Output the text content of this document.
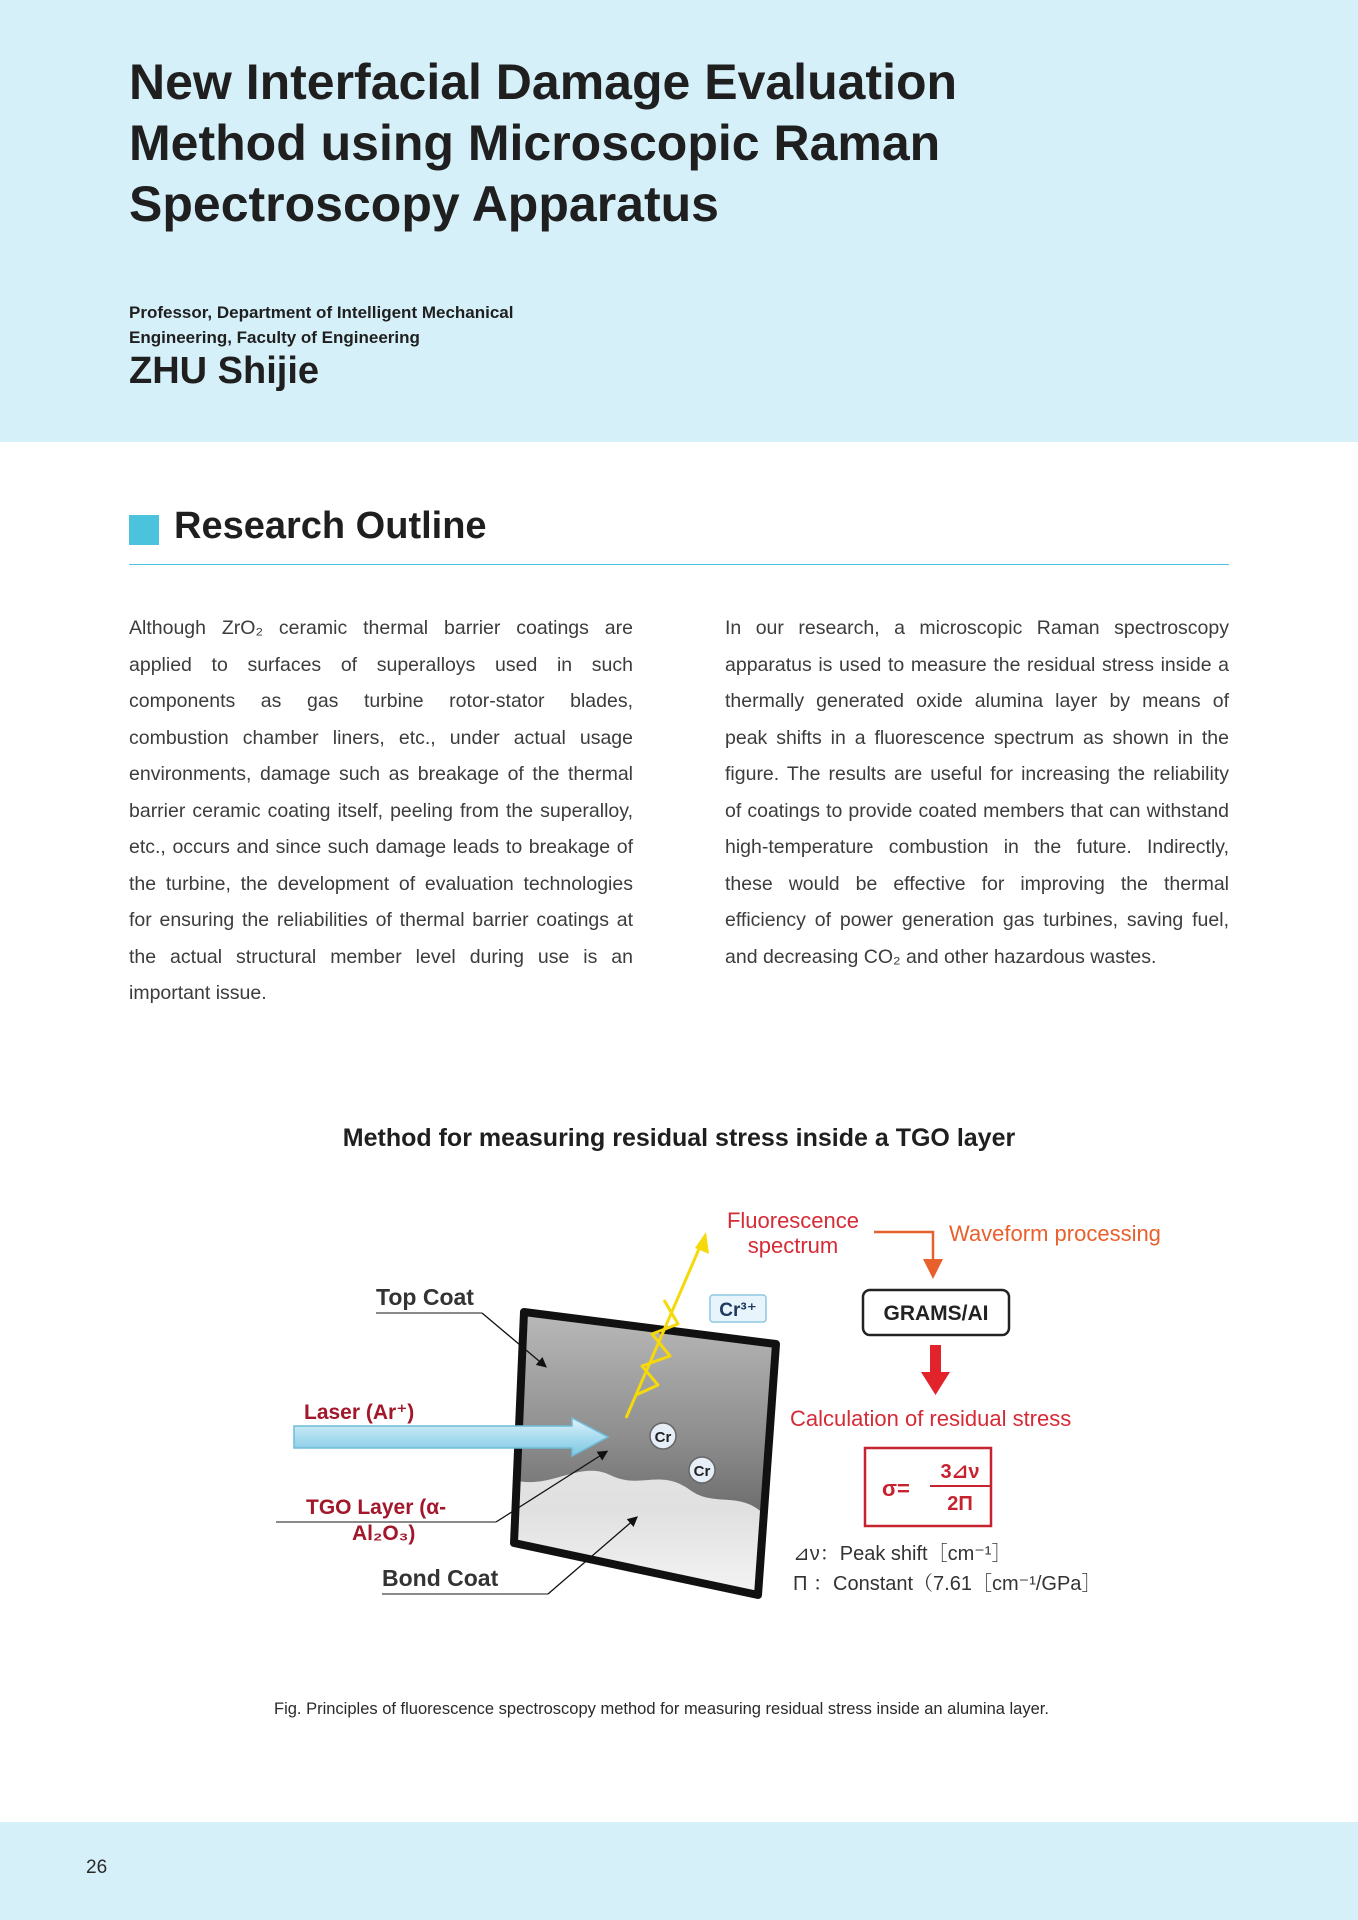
New Interfacial Damage Evaluation
Method using Microscopic Raman
Spectroscopy Apparatus
Professor, Department of Intelligent Mechanical
Engineering, Faculty of Engineering
ZHU Shijie
Research Outline

Although ZrO₂ ceramic thermal barrier coatings are applied to surfaces of superalloys used in such components as gas turbine rotor-stator blades, combustion chamber liners, etc., under actual usage environments, damage such as breakage of the thermal barrier ceramic coating itself, peeling from the superalloy, etc., occurs and since such damage leads to breakage of the turbine, the development of evaluation technologies for ensuring the reliabilities of thermal barrier coatings at the actual structural member level during use is an important issue.

In our research, a microscopic Raman spectroscopy apparatus is used to measure the residual stress inside a thermally generated oxide alumina layer by means of peak shifts in a fluorescence spectrum as shown in the figure. The results are useful for increasing the reliability of coatings to provide coated members that can withstand high-temperature combustion in the future. Indirectly, these would be effective for improving the thermal efficiency of power generation gas turbines, saving fuel, and decreasing CO₂ and other hazardous wastes.

Method for measuring residual stress inside a TGO layer
Top Coat
Laser (Ar⁺)
TGO Layer (α-
Al₂O₃)
Bond Coat
Cr
Cr
Cr³⁺
Fluorescence
spectrum	Waveform processing
GRAMS/AI
Calculation of residual stress
σ=
3⊿ν
2Π
⊿ν：Peak shift［cm⁻¹］
Π ：Constant（7.61［cm⁻¹/GPa］
Fig. Principles of fluorescence spectroscopy method for measuring residual stress inside an alumina layer.
26
